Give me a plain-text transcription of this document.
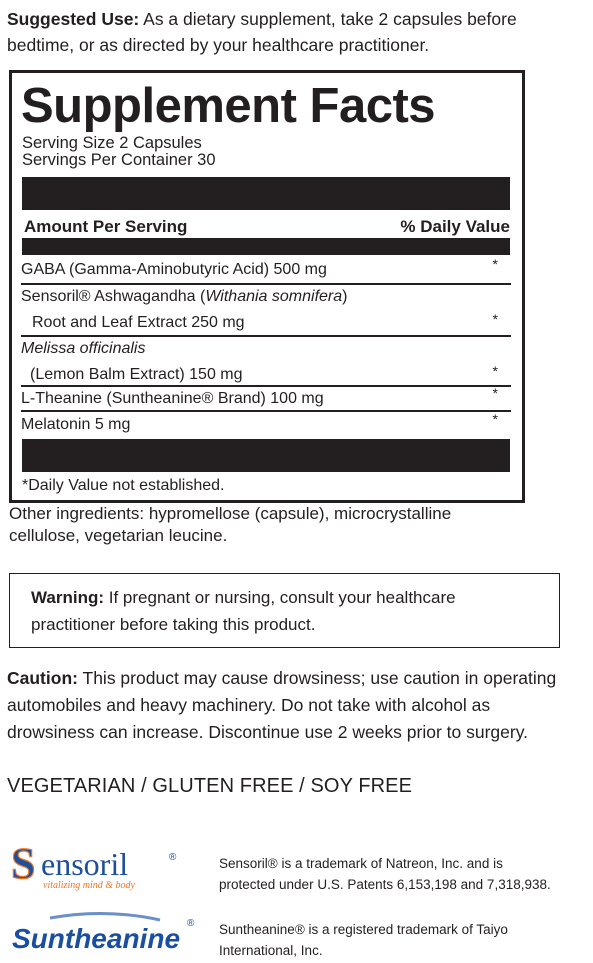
Suggested Use: As a dietary supplement, take 2 capsules before
bedtime, or as directed by your healthcare practitioner.
Supplement Facts
Serving Size 2 Capsules
Servings Per Container 30
Amount Per Serving	% Daily Value
GABA (Gamma-Aminobutyric Acid) 500 mg	*
Sensoril® Ashwagandha (Withania somnifera)
Root and Leaf Extract 250 mg	*
Melissa officinalis
(Lemon Balm Extract) 150 mg	*
L-Theanine (Suntheanine® Brand) 100 mg	*
Melatonin 5 mg	*
*Daily Value not established.
Other ingredients: hypromellose (capsule), microcrystalline
cellulose, vegetarian leucine.
Warning: If pregnant or nursing, consult your healthcare
practitioner before taking this product.
Caution: This product may cause drowsiness; use caution in operating
automobiles and heavy machinery. Do not take with alcohol as
drowsiness can increase. Discontinue use 2 weeks prior to surgery.
VEGETARIAN / GLUTEN FREE / SOY FREE
S ensoril	®
vitalizing mind & body
Sensoril® is a trademark of Natreon, Inc. and is
protected under U.S. Patents 6,153,198 and 7,318,938.
Suntheanine ® Suntheanine® is a registered trademark of Taiyo
International, Inc.
